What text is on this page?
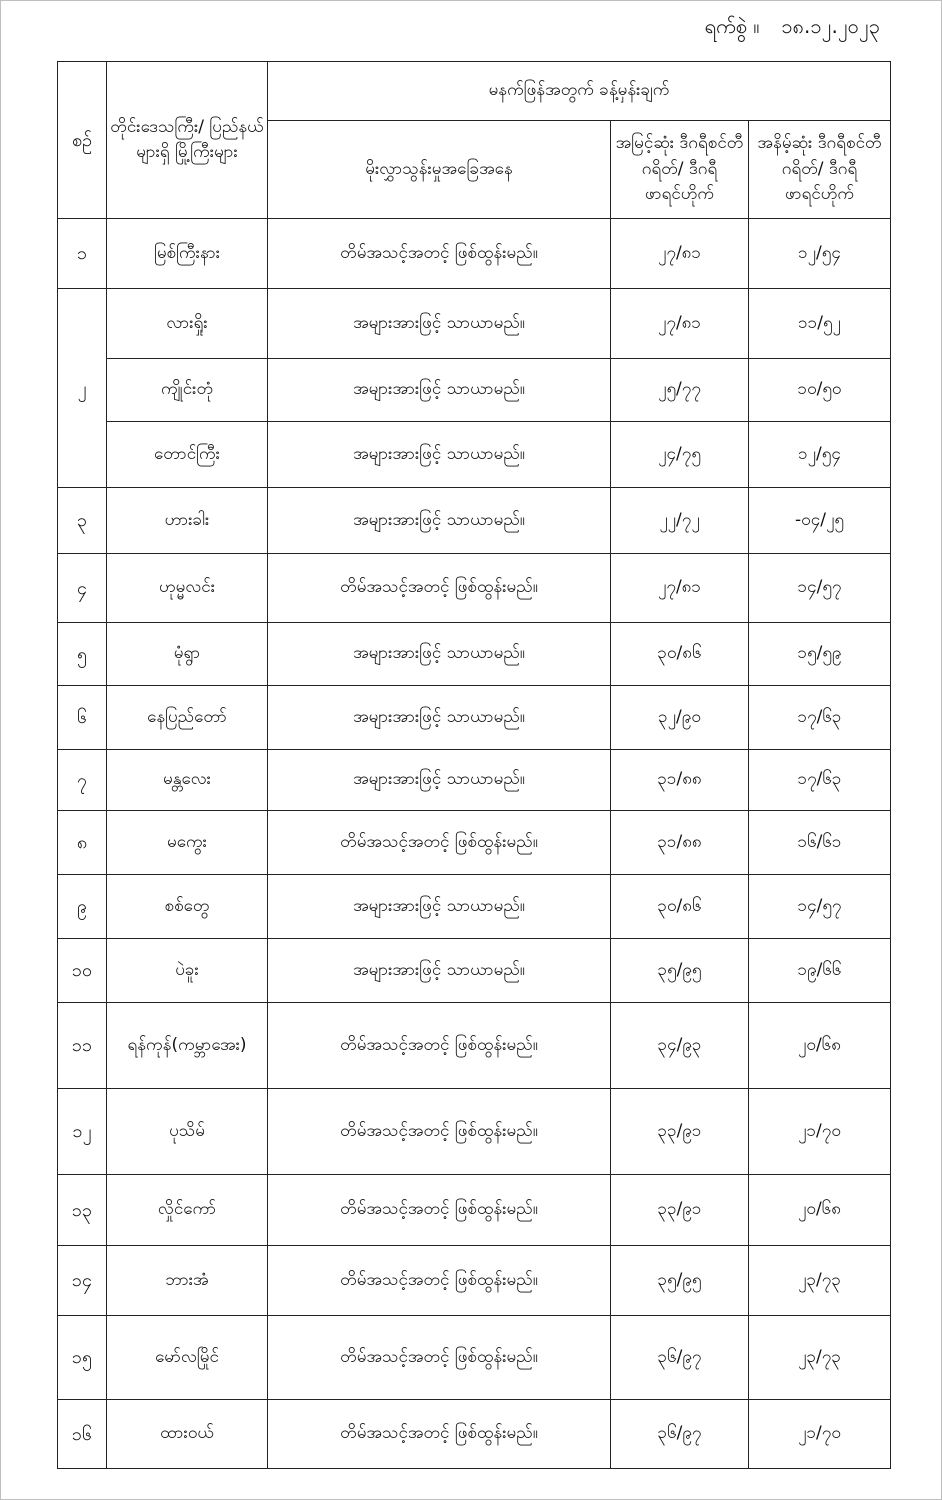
ရက်စွဲ ။ ၁၈.၁၂.၂၀၂၃
စဉ်	တိုင်းဒေသကြီး/ ပြည်နယ်များရှိ မြို့ကြီးများ	မနက်ဖြန်အတွက် ခန့်မှန်းချက်		
		မိုးလွှာသွန်းမှုအခြေအနေ	အမြင့်ဆုံး ဒီဂရီစင်တီဂရိတ်/ ဒီဂရီဖာရင်ဟိုက်	အနိမ့်ဆုံး ဒီဂရီစင်တီဂရိတ်/ ဒီဂရီဖာရင်ဟိုက်
၁	မြစ်ကြီးနား	တိမ်အသင့်အတင့် ဖြစ်ထွန်းမည်။	၂၇/၈၁	၁၂/၅၄
၂	လားရှိုး	အများအားဖြင့် သာယာမည်။	၂၇/၈၁	၁၁/၅၂
	ကျိုင်းတုံ	အများအားဖြင့် သာယာမည်။	၂၅/၇၇	၁၀/၅၀
	တောင်ကြီး	အများအားဖြင့် သာယာမည်။	၂၄/၇၅	၁၂/၅၄
၃	ဟားခါး	အများအားဖြင့် သာယာမည်။	၂၂/၇၂	-၀၄/၂၅
၄	ဟုမ္မလင်း	တိမ်အသင့်အတင့် ဖြစ်ထွန်းမည်။	၂၇/၈၁	၁၄/၅၇
၅	မုံရွာ	အများအားဖြင့် သာယာမည်။	၃၀/၈၆	၁၅/၅၉
၆	နေပြည်တော်	အများအားဖြင့် သာယာမည်။	၃၂/၉၀	၁၇/၆၃
၇	မန္တလေး	အများအားဖြင့် သာယာမည်။	၃၁/၈၈	၁၇/၆၃
၈	မကွေး	တိမ်အသင့်အတင့် ဖြစ်ထွန်းမည်။	၃၁/၈၈	၁၆/၆၁
၉	စစ်တွေ	အများအားဖြင့် သာယာမည်။	၃၀/၈၆	၁၄/၅၇
၁၀	ပဲခူး	အများအားဖြင့် သာယာမည်။	၃၅/၉၅	၁၉/၆၆
၁၁	ရန်ကုန်(ကမ္ဘာအေး)	တိမ်အသင့်အတင့် ဖြစ်ထွန်းမည်။	၃၄/၉၃	၂၀/၆၈
၁၂	ပုသိမ်	တိမ်အသင့်အတင့် ဖြစ်ထွန်းမည်။	၃၃/၉၁	၂၁/၇၀
၁၃	လှိုင်ကော်	တိမ်အသင့်အတင့် ဖြစ်ထွန်းမည်။	၃၃/၉၁	၂၀/၆၈
၁၄	ဘားအံ	တိမ်အသင့်အတင့် ဖြစ်ထွန်းမည်။	၃၅/၉၅	၂၃/၇၃
၁၅	မော်လမြိုင်	တိမ်အသင့်အတင့် ဖြစ်ထွန်းမည်။	၃၆/၉၇	၂၃/၇၃
၁၆	ထားဝယ်	တိမ်အသင့်အတင့် ဖြစ်ထွန်းမည်။	၃၆/၉၇	၂၁/၇၀
